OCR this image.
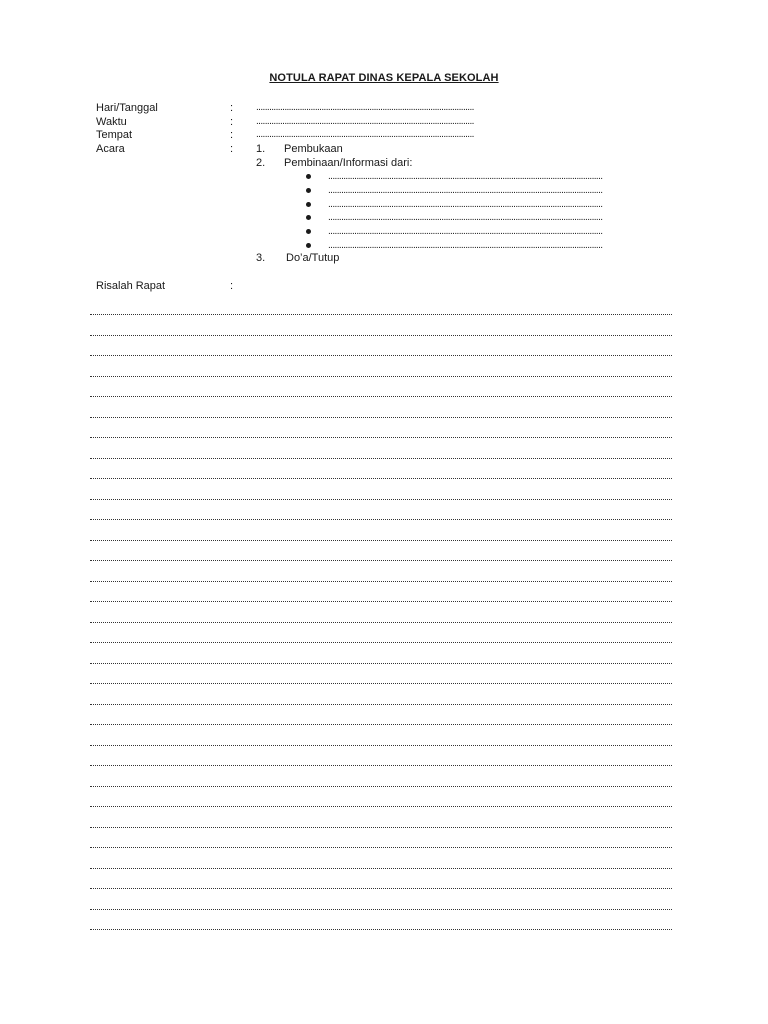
NOTULA RAPAT DINAS KEPALA SEKOLAH
Hari/Tanggal	: ....................................................................................................
Waktu	: ....................................................................................................
Tempat	: ....................................................................................................
Acara	: 1. Pembukaan
2. Pembinaan/Informasi dari:
..............................................................................................................................
..............................................................................................................................
..............................................................................................................................
..............................................................................................................................
..............................................................................................................................
..............................................................................................................................
3. Do’a/Tutup
Risalah Rapat	:
